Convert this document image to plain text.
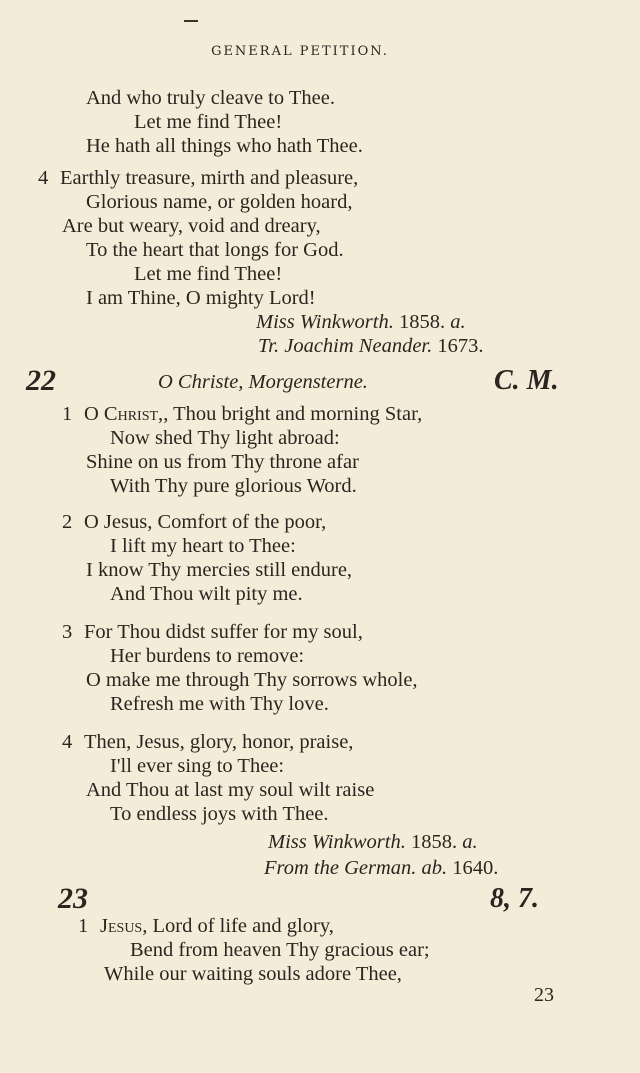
GENERAL PETITION.
And who truly cleave to Thee.
Let me find Thee!
He hath all things who hath Thee.
4 Earthly treasure, mirth and pleasure,
Glorious name, or golden hoard,
Are but weary, void and dreary,
To the heart that longs for God.
Let me find Thee!
I am Thine, O mighty Lord!
Miss Winkworth. 1858. a.
Tr. Joachim Neander. 1673.
22	O Christe, Morgensterne.	C. M.
1 O Christ,, Thou bright and morning Star,
Now shed Thy light abroad:
Shine on us from Thy throne afar
With Thy pure glorious Word.
2 O Jesus, Comfort of the poor,
I lift my heart to Thee:
I know Thy mercies still endure,
And Thou wilt pity me.
3 For Thou didst suffer for my soul,
Her burdens to remove:
O make me through Thy sorrows whole,
Refresh me with Thy love.
4 Then, Jesus, glory, honor, praise,
I'll ever sing to Thee:
And Thou at last my soul wilt raise
To endless joys with Thee.
Miss Winkworth. 1858. a.
From the German. ab. 1640.
23	8, 7.
1 Jesus, Lord of life and glory,
Bend from heaven Thy gracious ear;
While our waiting souls adore Thee,
23
